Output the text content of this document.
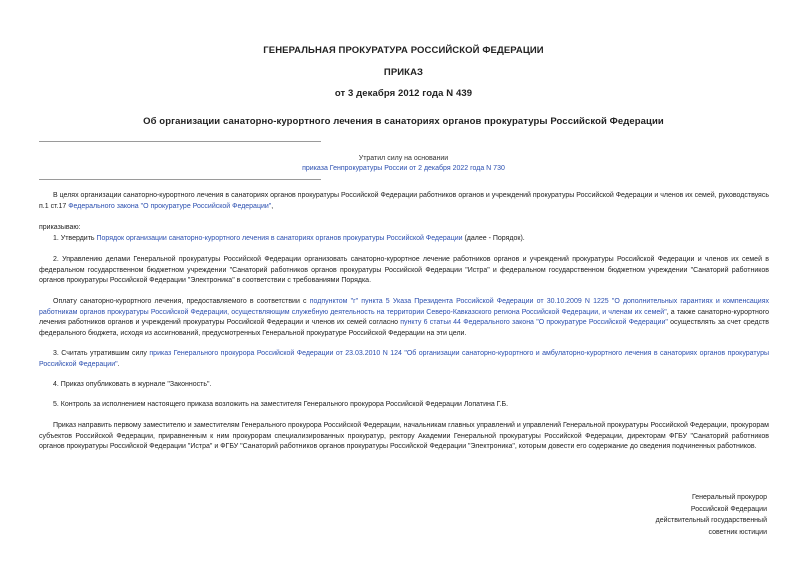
ГЕНЕРАЛЬНАЯ ПРОКУРАТУРА РОССИЙСКОЙ ФЕДЕРАЦИИ
ПРИКАЗ
от 3 декабря 2012 года N 439
Об организации санаторно-курортного лечения в санаториях органов прокуратуры Российской Федерации
Утратил силу на основании
приказа Генпрокуратуры России от 2 декабря 2022 года N 730
В целях организации санаторно-курортного лечения в санаториях органов прокуратуры Российской Федерации работников органов и учреждений прокуратуры Российской Федерации и членов их семей, руководствуясь п.1 ст.17 Федерального закона "О прокуратуре Российской Федерации",
приказываю:
1. Утвердить Порядок организации санаторно-курортного лечения в санаториях органов прокуратуры Российской Федерации (далее - Порядок).
2. Управлению делами Генеральной прокуратуры Российской Федерации организовать санаторно-курортное лечение работников органов и учреждений прокуратуры Российской Федерации и членов их семей в федеральном государственном бюджетном учреждении "Санаторий работников органов прокуратуры Российской Федерации "Истра" и федеральном государственном бюджетном учреждении "Санаторий работников органов прокуратуры Российской Федерации "Электроника" в соответствии с требованиями Порядка.
Оплату санаторно-курортного лечения, предоставляемого в соответствии с подпунктом "г" пункта 5 Указа Президента Российской Федерации от 30.10.2009 N 1225 "О дополнительных гарантиях и компенсациях работникам органов прокуратуры Российской Федерации, осуществляющим служебную деятельность на территории Северо-Кавказского региона Российской Федерации, и членам их семей", а также санаторно-курортного лечения работников органов и учреждений прокуратуры Российской Федерации и членов их семей согласно пункту 6 статьи 44 Федерального закона "О прокуратуре Российской Федерации" осуществлять за счет средств федерального бюджета, исходя из ассигнований, предусмотренных Генеральной прокуратуре Российской Федерации на эти цели.
3. Считать утратившим силу приказ Генерального прокурора Российской Федерации от 23.03.2010 N 124 "Об организации санаторно-курортного и амбулаторно-курортного лечения в санаториях органов прокуратуры Российской Федерации".
4. Приказ опубликовать в журнале "Законность".
5. Контроль за исполнением настоящего приказа возложить на заместителя Генерального прокурора Российской Федерации Лопатина Г.Б.
Приказ направить первому заместителю и заместителям Генерального прокурора Российской Федерации, начальникам главных управлений и управлений Генеральной прокуратуры Российской Федерации, прокурорам субъектов Российской Федерации, приравненным к ним прокурорам специализированных прокуратур, ректору Академии Генеральной прокуратуры Российской Федерации, директорам ФГБУ "Санаторий работников органов прокуратуры Российской Федерации "Истра" и ФГБУ "Санаторий работников органов прокуратуры Российской Федерации "Электроника", которым довести его содержание до сведения подчиненных работников.
Генеральный прокурор
Российской Федерации
действительный государственный
советник юстиции
